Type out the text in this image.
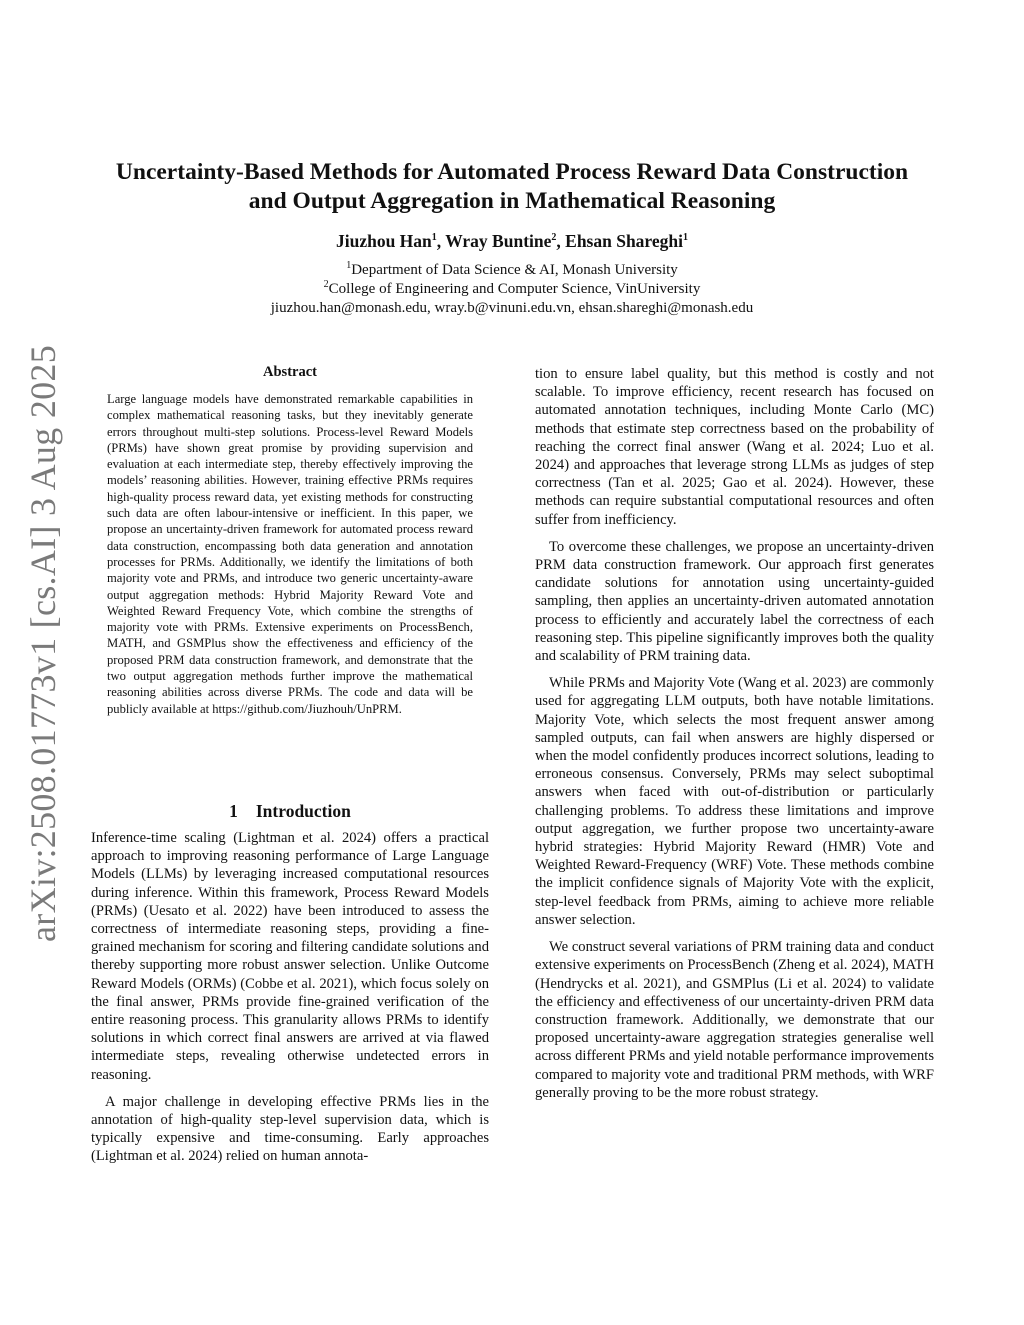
arXiv:2508.01773v1 [cs.AI] 3 Aug 2025
Uncertainty-Based Methods for Automated Process Reward Data Construction
and Output Aggregation in Mathematical Reasoning
Jiuzhou Han$^1$, Wray Buntine$^2$, Ehsan Shareghi$^1$
$^1$Department of Data Science & AI, Monash University
$^2$College of Engineering and Computer Science, VinUniversity
jiuzhou.han@monash.edu, wray.b@vinuni.edu.vn, ehsan.shareghi@monash.edu
Abstract
Large language models have demonstrated remarkable capabilities in complex mathematical reasoning tasks, but they inevitably generate errors throughout multi-step solutions. Process-level Reward Models (PRMs) have shown great promise by providing supervision and evaluation at each intermediate step, thereby effectively improving the models’ reasoning abilities. However, training effective PRMs requires high-quality process reward data, yet existing methods for constructing such data are often labour-intensive or inefficient. In this paper, we propose an uncertainty-driven framework for automated process reward data construction, encompassing both data generation and annotation processes for PRMs. Additionally, we identify the limitations of both majority vote and PRMs, and introduce two generic uncertainty-aware output aggregation methods: Hybrid Majority Reward Vote and Weighted Reward Frequency Vote, which combine the strengths of majority vote with PRMs. Extensive experiments on ProcessBench, MATH, and GSMPlus show the effectiveness and efficiency of the proposed PRM data construction framework, and demonstrate that the two output aggregation methods further improve the mathematical reasoning abilities across diverse PRMs. The code and data will be publicly available at https://github.com/Jiuzhouh/UnPRM.
1 Introduction

Inference-time scaling (Lightman et al. 2024) offers a practical approach to improving reasoning performance of Large Language Models (LLMs) by leveraging increased computational resources during inference. Within this framework, Process Reward Models (PRMs) (Uesato et al. 2022) have been introduced to assess the correctness of intermediate reasoning steps, providing a fine-grained mechanism for scoring and filtering candidate solutions and thereby supporting more robust answer selection. Unlike Outcome Reward Models (ORMs) (Cobbe et al. 2021), which focus solely on the final answer, PRMs provide fine-grained verification of the entire reasoning process. This granularity allows PRMs to identify solutions in which correct final answers are arrived at via flawed intermediate steps, revealing otherwise undetected errors in reasoning.

A major challenge in developing effective PRMs lies in the annotation of high-quality step-level supervision data, which is typically expensive and time-consuming. Early approaches (Lightman et al. 2024) relied on human annota-

tion to ensure label quality, but this method is costly and not scalable. To improve efficiency, recent research has focused on automated annotation techniques, including Monte Carlo (MC) methods that estimate step correctness based on the probability of reaching the correct final answer (Wang et al. 2024; Luo et al. 2024) and approaches that leverage strong LLMs as judges of step correctness (Tan et al. 2025; Gao et al. 2024). However, these methods can require substantial computational resources and often suffer from inefficiency.

To overcome these challenges, we propose an uncertainty-driven PRM data construction framework. Our approach first generates candidate solutions for annotation using uncertainty-guided sampling, then applies an uncertainty-driven automated annotation process to efficiently and accurately label the correctness of each reasoning step. This pipeline significantly improves both the quality and scalability of PRM training data.

While PRMs and Majority Vote (Wang et al. 2023) are commonly used for aggregating LLM outputs, both have notable limitations. Majority Vote, which selects the most frequent answer among sampled outputs, can fail when answers are highly dispersed or when the model confidently produces incorrect solutions, leading to erroneous consensus. Conversely, PRMs may select suboptimal answers when faced with out-of-distribution or particularly challenging problems. To address these limitations and improve output aggregation, we further propose two uncertainty-aware hybrid strategies: Hybrid Majority Reward (HMR) Vote and Weighted Reward-Frequency (WRF) Vote. These methods combine the implicit confidence signals of Majority Vote with the explicit, step-level feedback from PRMs, aiming to achieve more reliable answer selection.

We construct several variations of PRM training data and conduct extensive experiments on ProcessBench (Zheng et al. 2024), MATH (Hendrycks et al. 2021), and GSMPlus (Li et al. 2024) to validate the efficiency and effectiveness of our uncertainty-driven PRM data construction framework. Additionally, we demonstrate that our proposed uncertainty-aware aggregation strategies generalise well across different PRMs and yield notable performance improvements compared to majority vote and traditional PRM methods, with WRF generally proving to be the more robust strategy.
